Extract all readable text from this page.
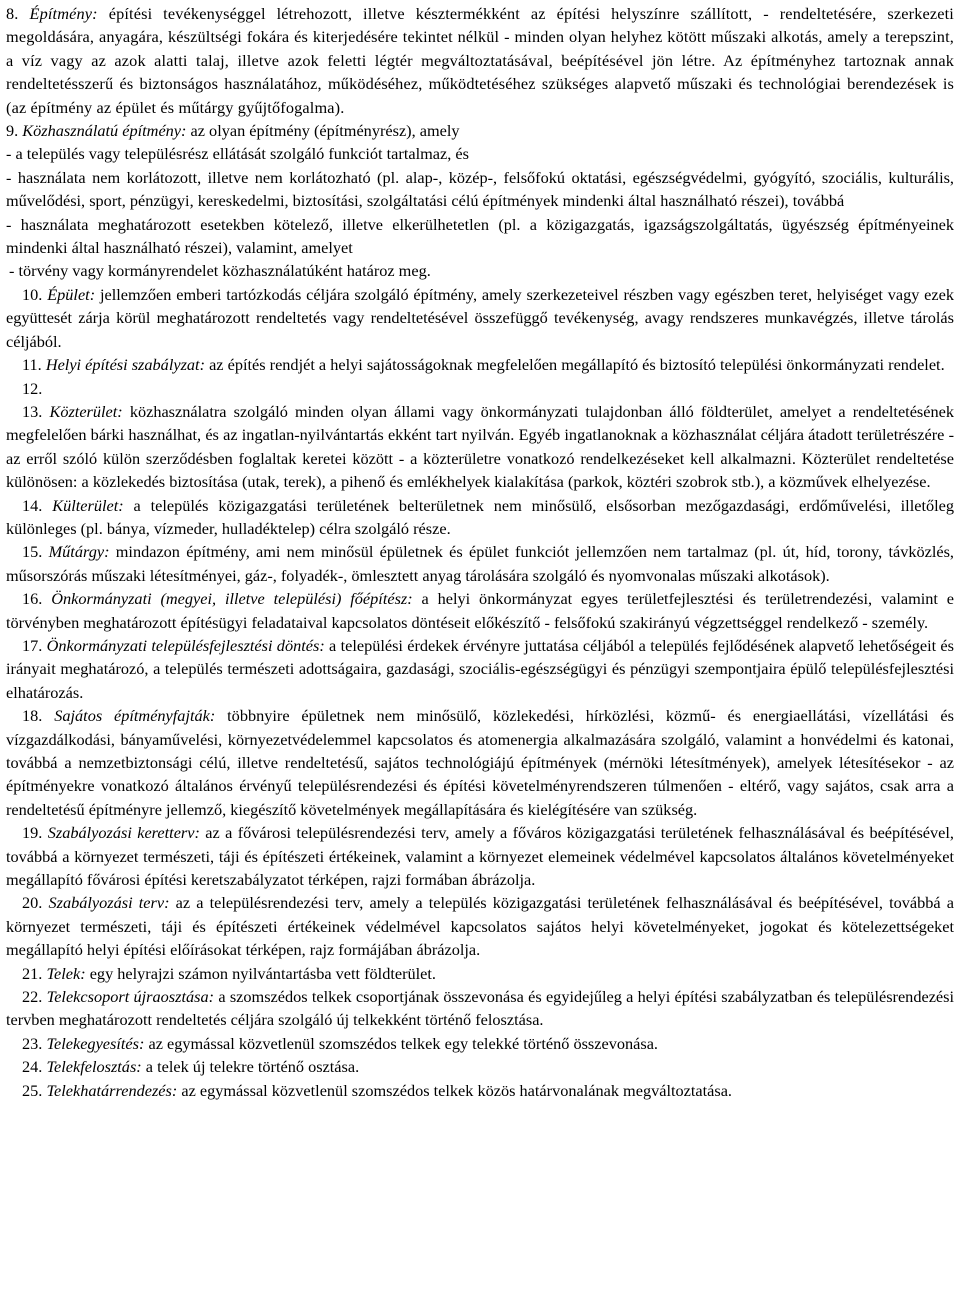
8. Építmény: építési tevékenységgel létrehozott, illetve késztermékként az építési helyszínre szállított, - rendeltetésére, szerkezeti megoldására, anyagára, készültségi fokára és kiterjedésére tekintet nélkül - minden olyan helyhez kötött műszaki alkotás, amely a terepszint, a víz vagy az azok alatti talaj, illetve azok feletti légtér megváltoztatásával, beépítésével jön létre. Az építményhez tartoznak annak rendeltetésszerű és biztonságos használatához, működéséhez, működtetéséhez szükséges alapvető műszaki és technológiai berendezések is (az építmény az épület és műtárgy gyűjtőfogalma).

9. Közhasználatú építmény: az olyan építmény (építményrész), amely

- a település vagy településrész ellátását szolgáló funkciót tartalmaz, és

- használata nem korlátozott, illetve nem korlátozható (pl. alap-, közép-, felsőfokú oktatási, egészségvédelmi, gyógyító, szociális, kulturális, művelődési, sport, pénzügyi, kereskedelmi, biztosítási, szolgáltatási célú építmények mindenki által használható részei), továbbá

- használata meghatározott esetekben kötelező, illetve elkerülhetetlen (pl. a közigazgatás, igazságszolgáltatás, ügyészség építményeinek mindenki által használható részei), valamint, amelyet

- törvény vagy kormányrendelet közhasználatúként határoz meg.

10. Épület: jellemzően emberi tartózkodás céljára szolgáló építmény, amely szerkezeteivel részben vagy egészben teret, helyiséget vagy ezek együttesét zárja körül meghatározott rendeltetés vagy rendeltetésével összefüggő tevékenység, avagy rendszeres munkavégzés, illetve tárolás céljából.

11. Helyi építési szabályzat: az építés rendjét a helyi sajátosságoknak megfelelően megállapító és biztosító települési önkormányzati rendelet.

12.

13. Közterület: közhasználatra szolgáló minden olyan állami vagy önkormányzati tulajdonban álló földterület, amelyet a rendeltetésének megfelelően bárki használhat, és az ingatlan-nyilvántartás ekként tart nyilván. Egyéb ingatlanoknak a közhasználat céljára átadott területrészére - az erről szóló külön szerződésben foglaltak keretei között - a közterületre vonatkozó rendelkezéseket kell alkalmazni. Közterület rendeltetése különösen: a közlekedés biztosítása (utak, terek), a pihenő és emlékhelyek kialakítása (parkok, köztéri szobrok stb.), a közművek elhelyezése.

14. Külterület: a település közigazgatási területének belterületnek nem minősülő, elsősorban mezőgazdasági, erdőművelési, illetőleg különleges (pl. bánya, vízmeder, hulladéktelep) célra szolgáló része.

15. Műtárgy: mindazon építmény, ami nem minősül épületnek és épület funkciót jellemzően nem tartalmaz (pl. út, híd, torony, távközlés, műsorszórás műszaki létesítményei, gáz-, folyadék-, ömlesztett anyag tárolására szolgáló és nyomvonalas műszaki alkotások).

16. Önkormányzati (megyei, illetve települési) főépítész: a helyi önkormányzat egyes területfejlesztési és területrendezési, valamint e törvényben meghatározott építésügyi feladataival kapcsolatos döntéseit előkészítő - felsőfokú szakirányú végzettséggel rendelkező - személy.

17. Önkormányzati településfejlesztési döntés: a települési érdekek érvényre juttatása céljából a település fejlődésének alapvető lehetőségeit és irányait meghatározó, a település természeti adottságaira, gazdasági, szociális-egészségügyi és pénzügyi szempontjaira épülő településfejlesztési elhatározás.

18. Sajátos építményfajták: többnyire épületnek nem minősülő, közlekedési, hírközlési, közmű- és energiaellátási, vízellátási és vízgazdálkodási, bányaművelési, környezetvédelemmel kapcsolatos és atomenergia alkalmazására szolgáló, valamint a honvédelmi és katonai, továbbá a nemzetbiztonsági célú, illetve rendeltetésű, sajátos technológiájú építmények (mérnöki létesítmények), amelyek létesítésekor - az építményekre vonatkozó általános érvényű településrendezési és építési követelményrendszeren túlmenően - eltérő, vagy sajátos, csak arra a rendeltetésű építményre jellemző, kiegészítő követelmények megállapítására és kielégítésére van szükség.

19. Szabályozási keretterv: az a fővárosi településrendezési terv, amely a főváros közigazgatási területének felhasználásával és beépítésével, továbbá a környezet természeti, táji és építészeti értékeinek, valamint a környezet elemeinek védelmével kapcsolatos általános követelményeket megállapító fővárosi építési keretszabályzatot térképen, rajzi formában ábrázolja.

20. Szabályozási terv: az a településrendezési terv, amely a település közigazgatási területének felhasználásával és beépítésével, továbbá a környezet természeti, táji és építészeti értékeinek védelmével kapcsolatos sajátos helyi követelményeket, jogokat és kötelezettségeket megállapító helyi építési előírásokat térképen, rajz formájában ábrázolja.

21. Telek: egy helyrajzi számon nyilvántartásba vett földterület.

22. Telekcsoport újraosztása: a szomszédos telkek csoportjának összevonása és egyidejűleg a helyi építési szabályzatban és településrendezési tervben meghatározott rendeltetés céljára szolgáló új telkekként történő felosztása.

23. Telekegyesítés: az egymással közvetlenül szomszédos telkek egy telekké történő összevonása.

24. Telekfelosztás: a telek új telekre történő osztása.

25. Telekhatárrendezés: az egymással közvetlenül szomszédos telkek közös határvonalának megváltoztatása.
